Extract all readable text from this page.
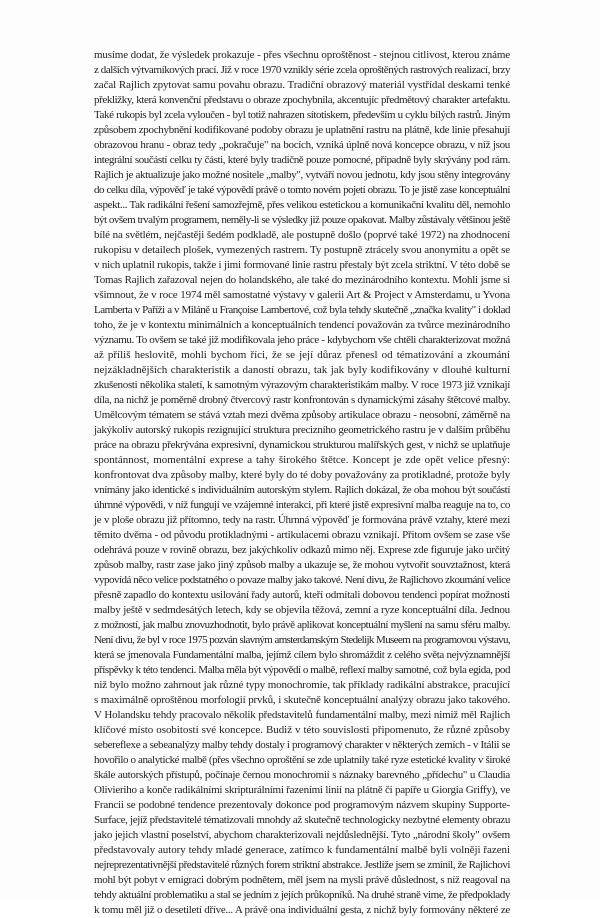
musíme dodat, že výsledek prokazuje - přes všechnu oproštěnost - stejnou citlivost, kterou známe
z dalších výtvarníkových prací. Již v roce 1970 vznikly série zcela oproštěných rastrových realizací, brzy
začal Rajlich zpytovat samu povahu obrazu. Tradiční obrazový materiál vystřídal deskami tenké
překližky, která konvenční představu o obraze zpochybnila, akcentujíc předmětový charakter artefaktu.
Také rukopis byl zcela vyloučen - byl totiž nahrazen sítotiskem, především u cyklu bílých rastrů. Jiným
způsobem zpochybnění kodifikované podoby obrazu je uplatnění rastru na plátně, kde linie přesahují
obrazovou hranu - obraz tedy „pokračuje" na bocích, vzniká úplně nová koncepce obrazu, v níž jsou
integrální součástí celku ty části, které byly tradičně pouze pomocné, případně byly skrývány pod rám.
Rajlich je aktualizuje jako možné nositele „malby", vytváří novou jednotu, kdy jsou stěny integrovány
do celku díla, výpověď je také výpovědí právě o tomto novém pojetí obrazu. To je jistě zase konceptuální
aspekt... Tak radikální řešení samozřejmě, přes velikou estetickou a komunikační kvalitu děl, nemohlo
být ovšem trvalým programem, neměly-li se výsledky již pouze opakovat. Malby zůstávaly většinou ještě
bílé na světlém, nejčastěji šedém podkladě, ale postupně došlo (poprvé také 1972) na zhodnocení
rukopisu v detailech plošek, vymezených rastrem. Ty postupně ztrácely svou anonymitu a opět se
v nich uplatnil rukopis, takže i jimi formované linie rastru přestaly být zcela striktní. V této době se
Tomas Rajlich zařazoval nejen do holandského, ale také do mezinárodního kontextu. Mohli jsme si
všimnout, že v roce 1974 měl samostatné výstavy v galerii Art & Project v Amsterdamu, u Yvona
Lamberta v Paříži a v Miláně u Françoise Lambertové, což byla tehdy skutečně „značka kvality" i doklad
toho, že je v kontextu minimálních a konceptuálních tendencí považován za tvůrce mezinárodního
významu. To ovšem se také již modifikovala jeho práce - kdybychom vše chtěli charakterizovat možná
až příliš heslovitě, mohli bychom říci, že se její důraz přenesl od tématizování a zkoumání
nejzákladnějších charakteristik a daností obrazu, tak jak byly kodifikovány v dlouhé kulturní
zkušenosti několika staletí, k samotným výrazovým charakteristikám malby. V roce 1973 již vznikají
díla, na nichž je poměrně drobný čtvercový rastr konfrontován s dynamickými zásahy štětcové malby.
Umělcovým tématem se stává vztah mezi dvěma způsoby artikulace obrazu - neosobní, záměrně na
jakýkoliv autorský rukopis rezignující struktura precizního geometrického rastru je v dalším průběhu
práce na obrazu překrývána expresivní, dynamickou strukturou malířských gest, v nichž se uplatňuje
spontánnost, momentální exprese a tahy širokého štětce. Koncept je zde opět velice přesný:
konfrontovat dva způsoby malby, které byly do té doby považovány za protikladné, protože byly
vnímány jako identické s individuálním autorským stylem. Rajlich dokázal, že oba mohou být součástí
úhrnné výpovědi, v níž fungují ve vzájemné interakci, při které jistě expresivní malba reaguje na to, co
je v ploše obrazu již přítomno, tedy na rastr. Úhrnná výpověď je formována právě vztahy, které mezi
těmito dvěma - od původu protikladnými - artikulacemi obrazu vznikají. Přitom ovšem se zase vše
odehrává pouze v rovině obrazu, bez jakýchkoliv odkazů mimo něj. Exprese zde figuruje jako určitý
způsob malby, rastr zase jako jiný způsob malby a ukazuje se, že mohou vytvořit souvztažnost, která
vypovídá něco velice podstatného o povaze malby jako takové. Není divu, že Rajlichovo zkoumání velice
přesně zapadlo do kontextu usilování řady autorů, kteří odmítali dobovou tendenci popírat možnosti
malby ještě v sedmdesátých letech, kdy se objevila těžová, zemní a ryze konceptuální díla. Jednou
z možností, jak malbu znovuzhodnotit, bylo právě aplikovat konceptuální myšlení na samu sféru malby.
Není divu, že byl v roce 1975 pozván slavným amsterdamským Stedelijk Museem na programovou výstavu,
která se jmenovala Fundamentální malba, jejímž cílem bylo shromáždit z celého světa nejvýznamnější
příspěvky k této tendenci. Malba měla být výpovědí o malbě, reflexí malby samotné, což byla egida, pod
niž bylo možno zahrnout jak různé typy monochromie, tak příklady radikální abstrakce, pracující
s maximálně oproštěnou morfologií prvků, i skutečně konceptuální analýzy obrazu jako takového.
V Holandsku tehdy pracovalo několik představitelů fundamentální malby, mezi nimiž měl Rajlich
klíčové místo osobitostí své koncepce. Budiž v této souvislosti připomenuto, že různé způsoby
sebereflexe a sebeanalýzy malby tehdy dostaly i programový charakter v některých zemích - v Itálii se
hovořilo o analytické malbě (přes všechno oproštění se zde uplatnily také ryze estetické kvality v široké
škále autorských přístupů, počínaje černou monochromií s náznaky barevného „přídechu" u Claudia
Olivieriho a konče radikálními skripturálními řazeními linií na plátně či papíře u Giorgia Griffy), ve
Francii se podobné tendence prezentovaly dokonce pod programovým názvem skupiny Supporte-
Surface, jejíž představitelé tématizovali mnohdy až skutečně technologicky nezbytné elementy obrazu
jako jejich vlastní poselství, abychom charakterizovali nejdůslednější. Tyto „národní školy" ovšem
představovaly autory tehdy mladé generace, zatímco k fundamentální malbě byli volněji řazeni
nejreprezentativnější představitelé různých forem striktní abstrakce. Jestliže jsem se zmínil, že Rajlichovi
mohl být pobyt v emigraci dobrým podnětem, měl jsem na mysli právě důslednost, s níž reagoval na
tehdy aktuální problematiku a stal se jedním z jejích průkopníků. Na druhé straně vime, že předpoklady
k tomu měl již o desetiletí dříve... A právě ona individuální gesta, z nichž byly formovány některé ze
